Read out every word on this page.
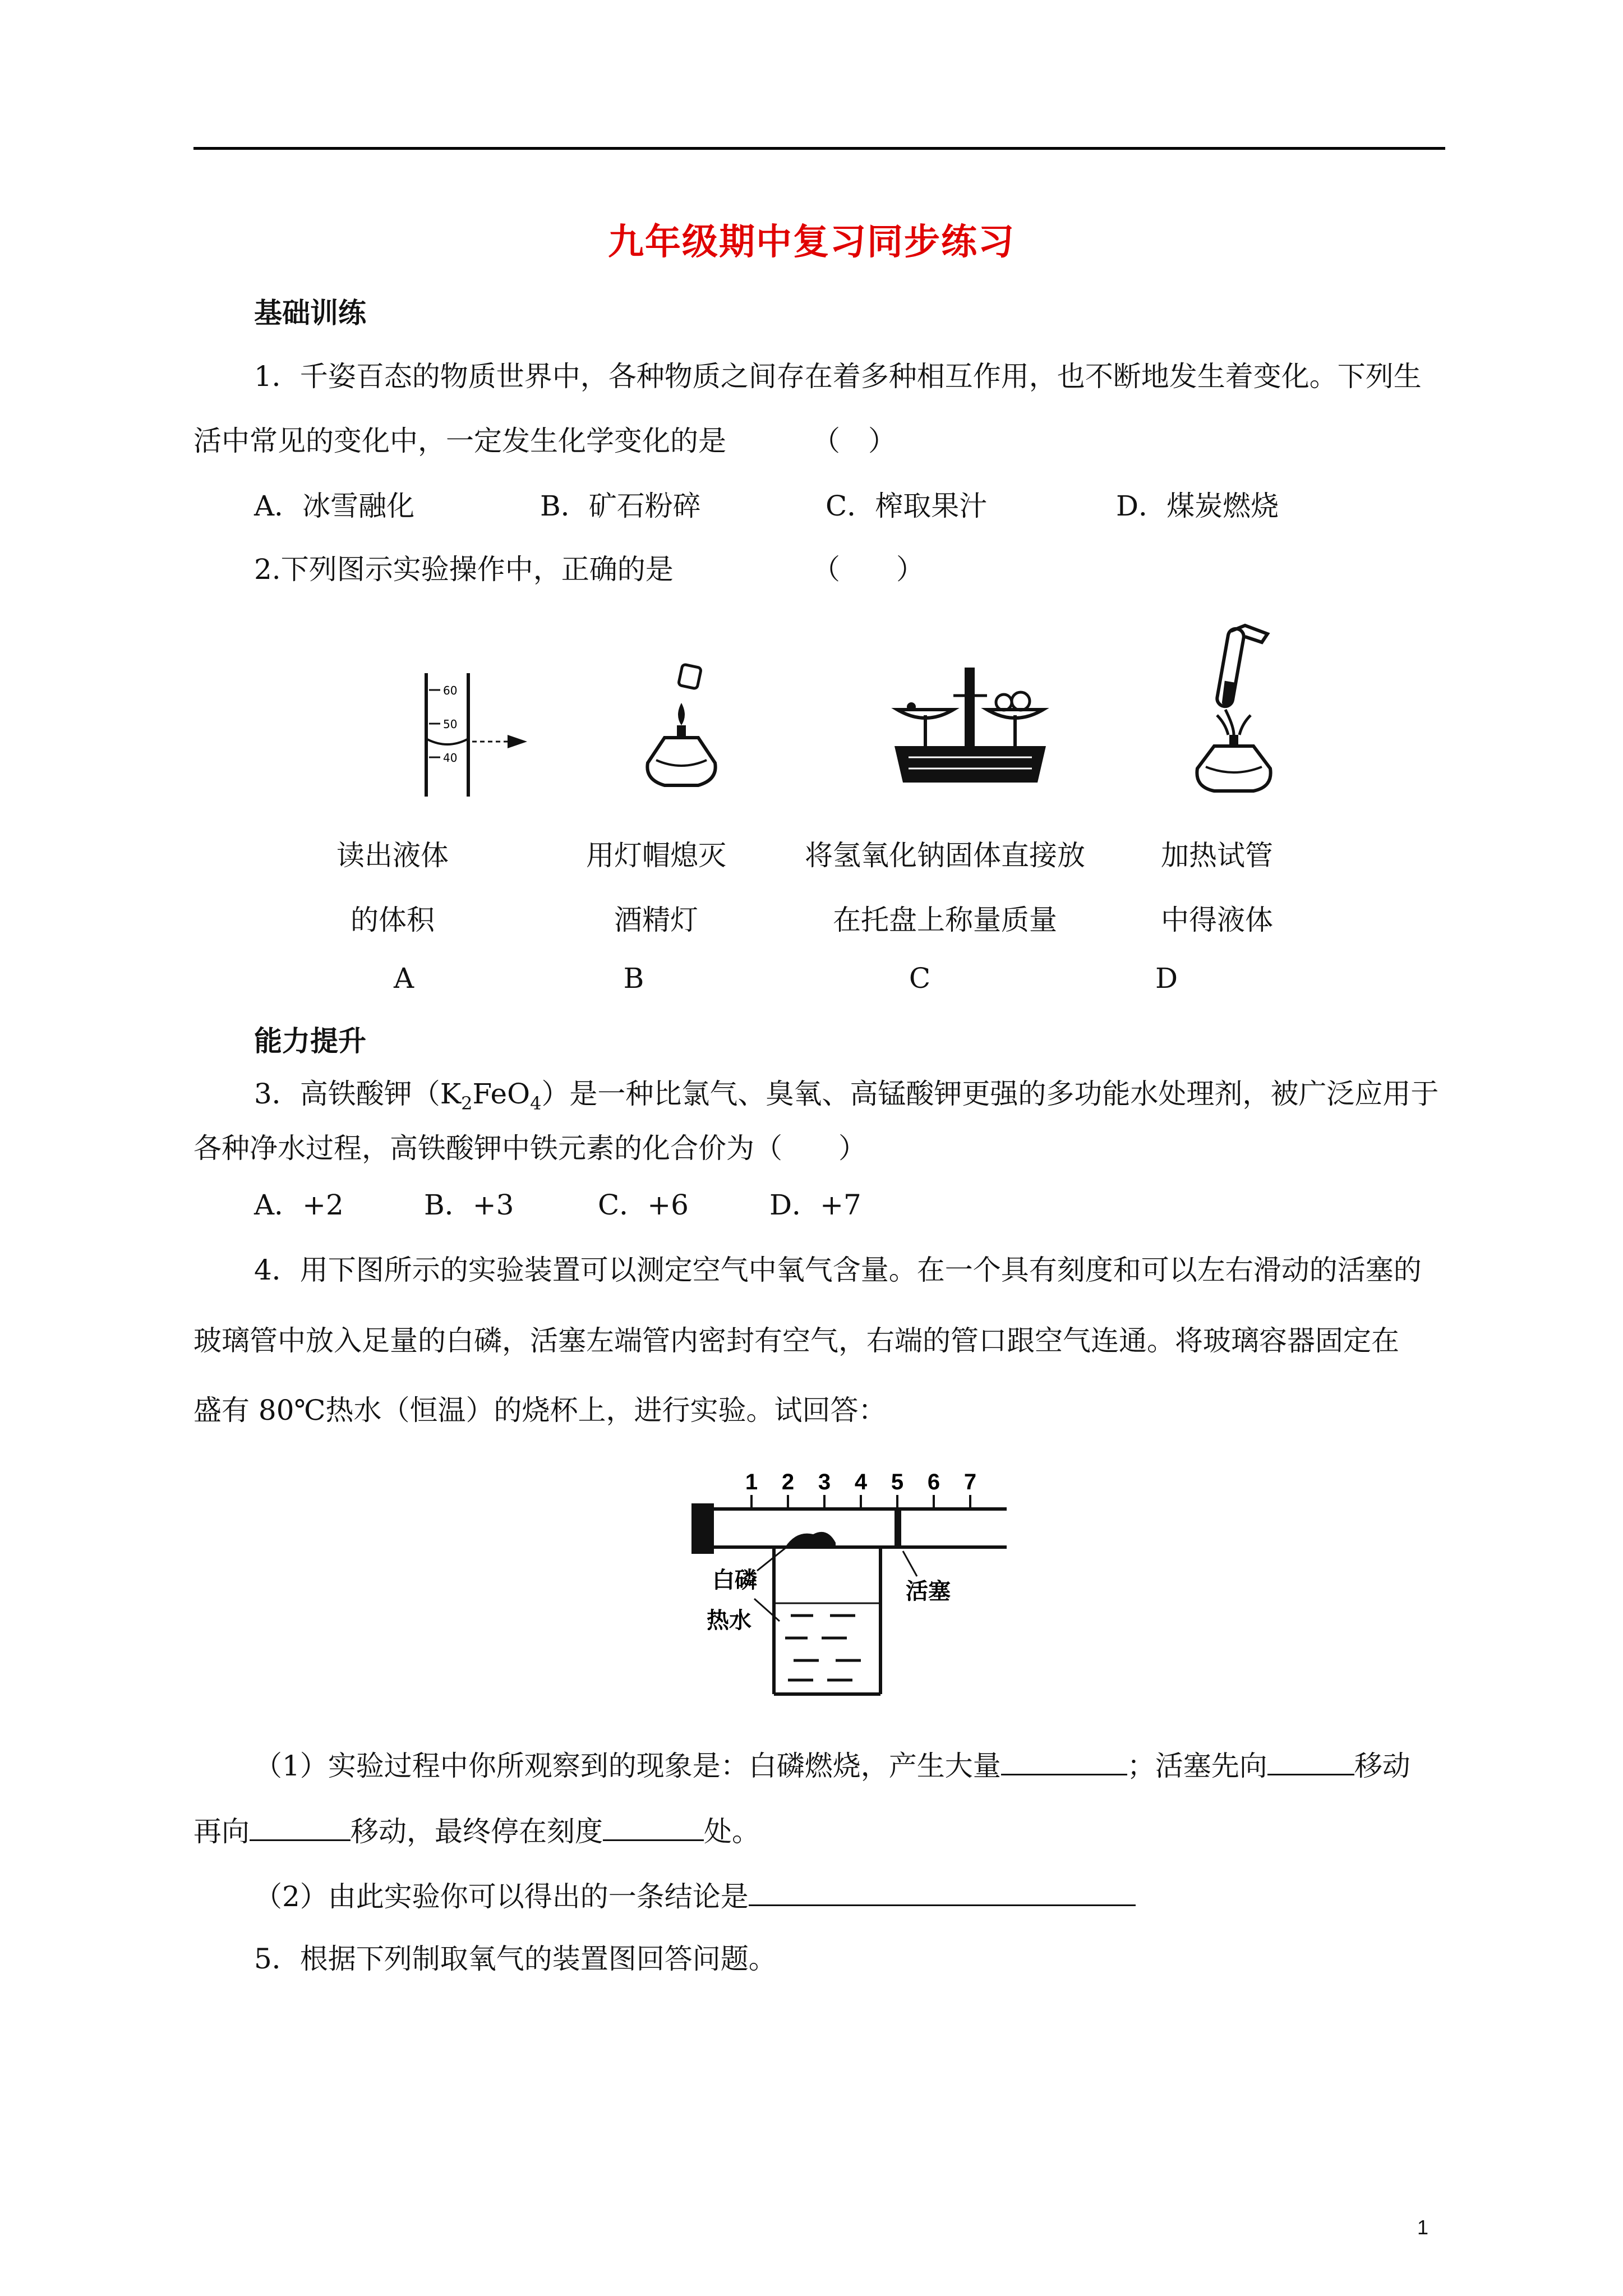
九年级期中复习同步练习
基础训练
1．千姿百态的物质世界中，各种物质之间存在着多种相互作用，也不断地发生着变化。下列生
活中常见的变化中，一定发生化学变化的是	（　）
A．冰雪融化	B．矿石粉碎	C．榨取果汁	D．煤炭燃烧
2.下列图示实验操作中，正确的是	（　　）
60
50
40
读出液体
的体积
A
用灯帽熄灭
酒精灯
B
将氢氧化钠固体直接放
在托盘上称量质量
C
加热试管
中得液体
D
能力提升
3．高铁酸钾$(K_2FeO_4)$是一种比氯气、臭氧、高锰酸钾更强的多功能水处理剂，被广泛应用于
各种净水过程，高铁酸钾中铁元素的化合价为（　　）
A．+2	B．+3	C．+6	D．+7
4．用下图所示的实验装置可以测定空气中氧气含量。在一个具有刻度和可以左右滑动的活塞的
玻璃管中放入足量的白磷，活塞左端管内密封有空气，右端的管口跟空气连通。将玻璃容器固定在
盛有 80℃热水（恒温）的烧杯上，进行实验。试回答：
1 2 3 4 5 6 7
白磷
热水
活塞
（1）实验过程中你所观察到的现象是：白磷燃烧，产生大量	；活塞先向	移动
再向	移动，最终停在刻度	处。
（2）由此实验你可以得出的一条结论是
5．根据下列制取氧气的装置图回答问题。
1
